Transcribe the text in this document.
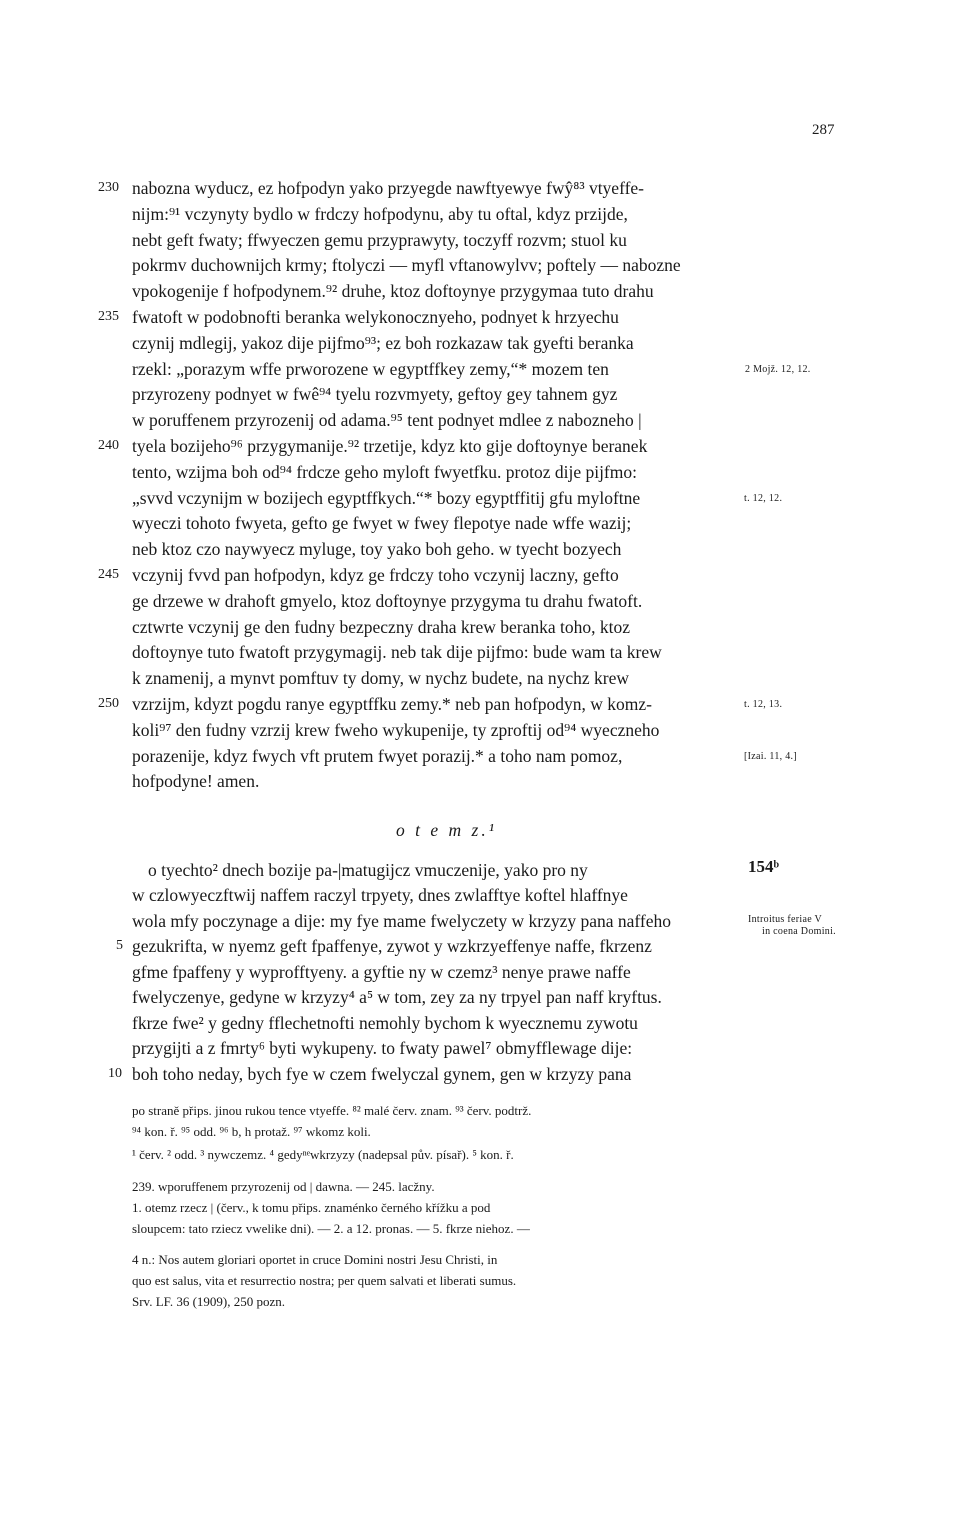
287
nabozna wyducz, ez hofpodyn yako przyegde nawftyewye fwŷ⁸³ vtyeffe-
nijm:⁹¹ vczynyty bydlo w frdczy hofpodynu, aby tu oftal, kdyz przijde,
nebt geft fwaty; ffwyeczen gemu przyprawyty, toczyff rozvm; stuol ku
pokrmv duchownijch krmy; ftolyczi — myfl vftanowylvv; poftely — nabozne
vpokogenije f hofpodynem.⁹² druhe, ktoz doftoynye przygymaa tuto drahu
fwatoft w podobnofti beranka welykonocznyeho, podnyet k hrzyechu
czynij mdlegij, yakoz dije pijfmo⁹³; ez boh rozkazaw tak gyefti beranka
rzekl: „porazym wffe prworozene w egyptffkey zemy,“* mozem ten
przyrozeny podnyet w fwê⁹⁴ tyelu rozvmyety, geftoy gey tahnem gyz
w poruffenem przyrozenij od adama.⁹⁵ tent podnyet mdlee z nabozneho |
tyela bozijeho⁹⁶ przygymanije.⁹² trzetije, kdyz kto gije doftoynye beranek
tento, wzijma boh od⁹⁴ frdcze geho myloft fwyetfku. protoz dije pijfmo:
„svvd vczynijm w bozijech egyptffkych.“* bozy egyptffitij gfu myloftne
wyeczi tohoto fwyeta, gefto ge fwyet w fwey flepotye nade wffe wazij;
neb ktoz czo naywyecz myluge, toy yako boh geho. w tyecht bozyech
vczynij fvvd pan hofpodyn, kdyz ge frdczy toho vczynij laczny, gefto
ge drzewe w drahoft gmyelo, ktoz doftoynye przygyma tu drahu fwatoft.
cztwrte vczynij ge den fudny bezpeczny draha krew beranka toho, ktoz
doftoynye tuto fwatoft przygymagij. neb tak dije pijfmo: bude wam ta krew
k znamenij, a mynvt pomftuv ty domy, w nychz budete, na nychz krew
vzrzijm, kdyzt pogdu ranye egyptffku zemy.* neb pan hofpodyn, w komz-
koli⁹⁷ den fudny vzrzij krew fweho wykupenije, ty zproftij od⁹⁴ wyeczneho
porazenije, kdyz fwych vft prutem fwyet porazij.* a toho nam pomoz,
hofpodyne! amen.
230
235
240
245
250
2 Mojž. 12, 12.
t. 12, 12.
t. 12, 13.
[Izai. 11, 4.]
o t e m z.¹
154ᵇ
o tyechto² dnech bozije pa-|matugijcz vmuczenije, yako pro ny
w czlowyeczftwij naffem raczyl trpyety, dnes zwlafftye koftel hlaffnye
wola mfy poczynage a dije: my fye mame fwelyczety w krzyzy pana naffeho
gezukrifta, w nyemz geft fpaffenye, zywot y wzkrzyeffenye naffe, fkrzenz
gfme fpaffeny y wyprofftyeny. a gyftie ny w czemz³ nenye prawe naffe
fwelyczenye, gedyne w krzyzy⁴ a⁵ w tom, zey za ny trpyel pan naff kryftus.
fkrze fwe² y gedny fflechetnofti nemohly bychom k wyecznemu zywotu
przygijti a z fmrty⁶ byti wykupeny. to fwaty pawel⁷ obmyfflewage dije:
boh toho neday, bych fye w czem fwelyczal gynem, gen w krzyzy pana
5
10
Introitus feriae V
in coena Domini.
po straně přips. jinou rukou tence vtyeffe. ⁸² malé červ. znam. ⁹³ červ. podtrž.
⁹⁴ kon. ř. ⁹⁵ odd. ⁹⁶ b, h protaž. ⁹⁷ wkomz koli.
¹ červ. ² odd. ³ nywczemz. ⁴ gedyⁿᵉwkrzyzy (nadepsal pův. písař). ⁵ kon. ř.
239. wporuffenem przyrozenij od | dawna. — 245. lacžny.
1. otemz rzecz | (červ., k tomu přips. znaménko černého křížku a pod
sloupcem: tato rziecz vwelike dni). — 2. a 12. pronas. — 5. fkrze niehoz. —
4 n.: Nos autem gloriari oportet in cruce Domini nostri Jesu Christi, in
quo est salus, vita et resurrectio nostra; per quem salvati et liberati sumus.
Srv. LF. 36 (1909), 250 pozn.
